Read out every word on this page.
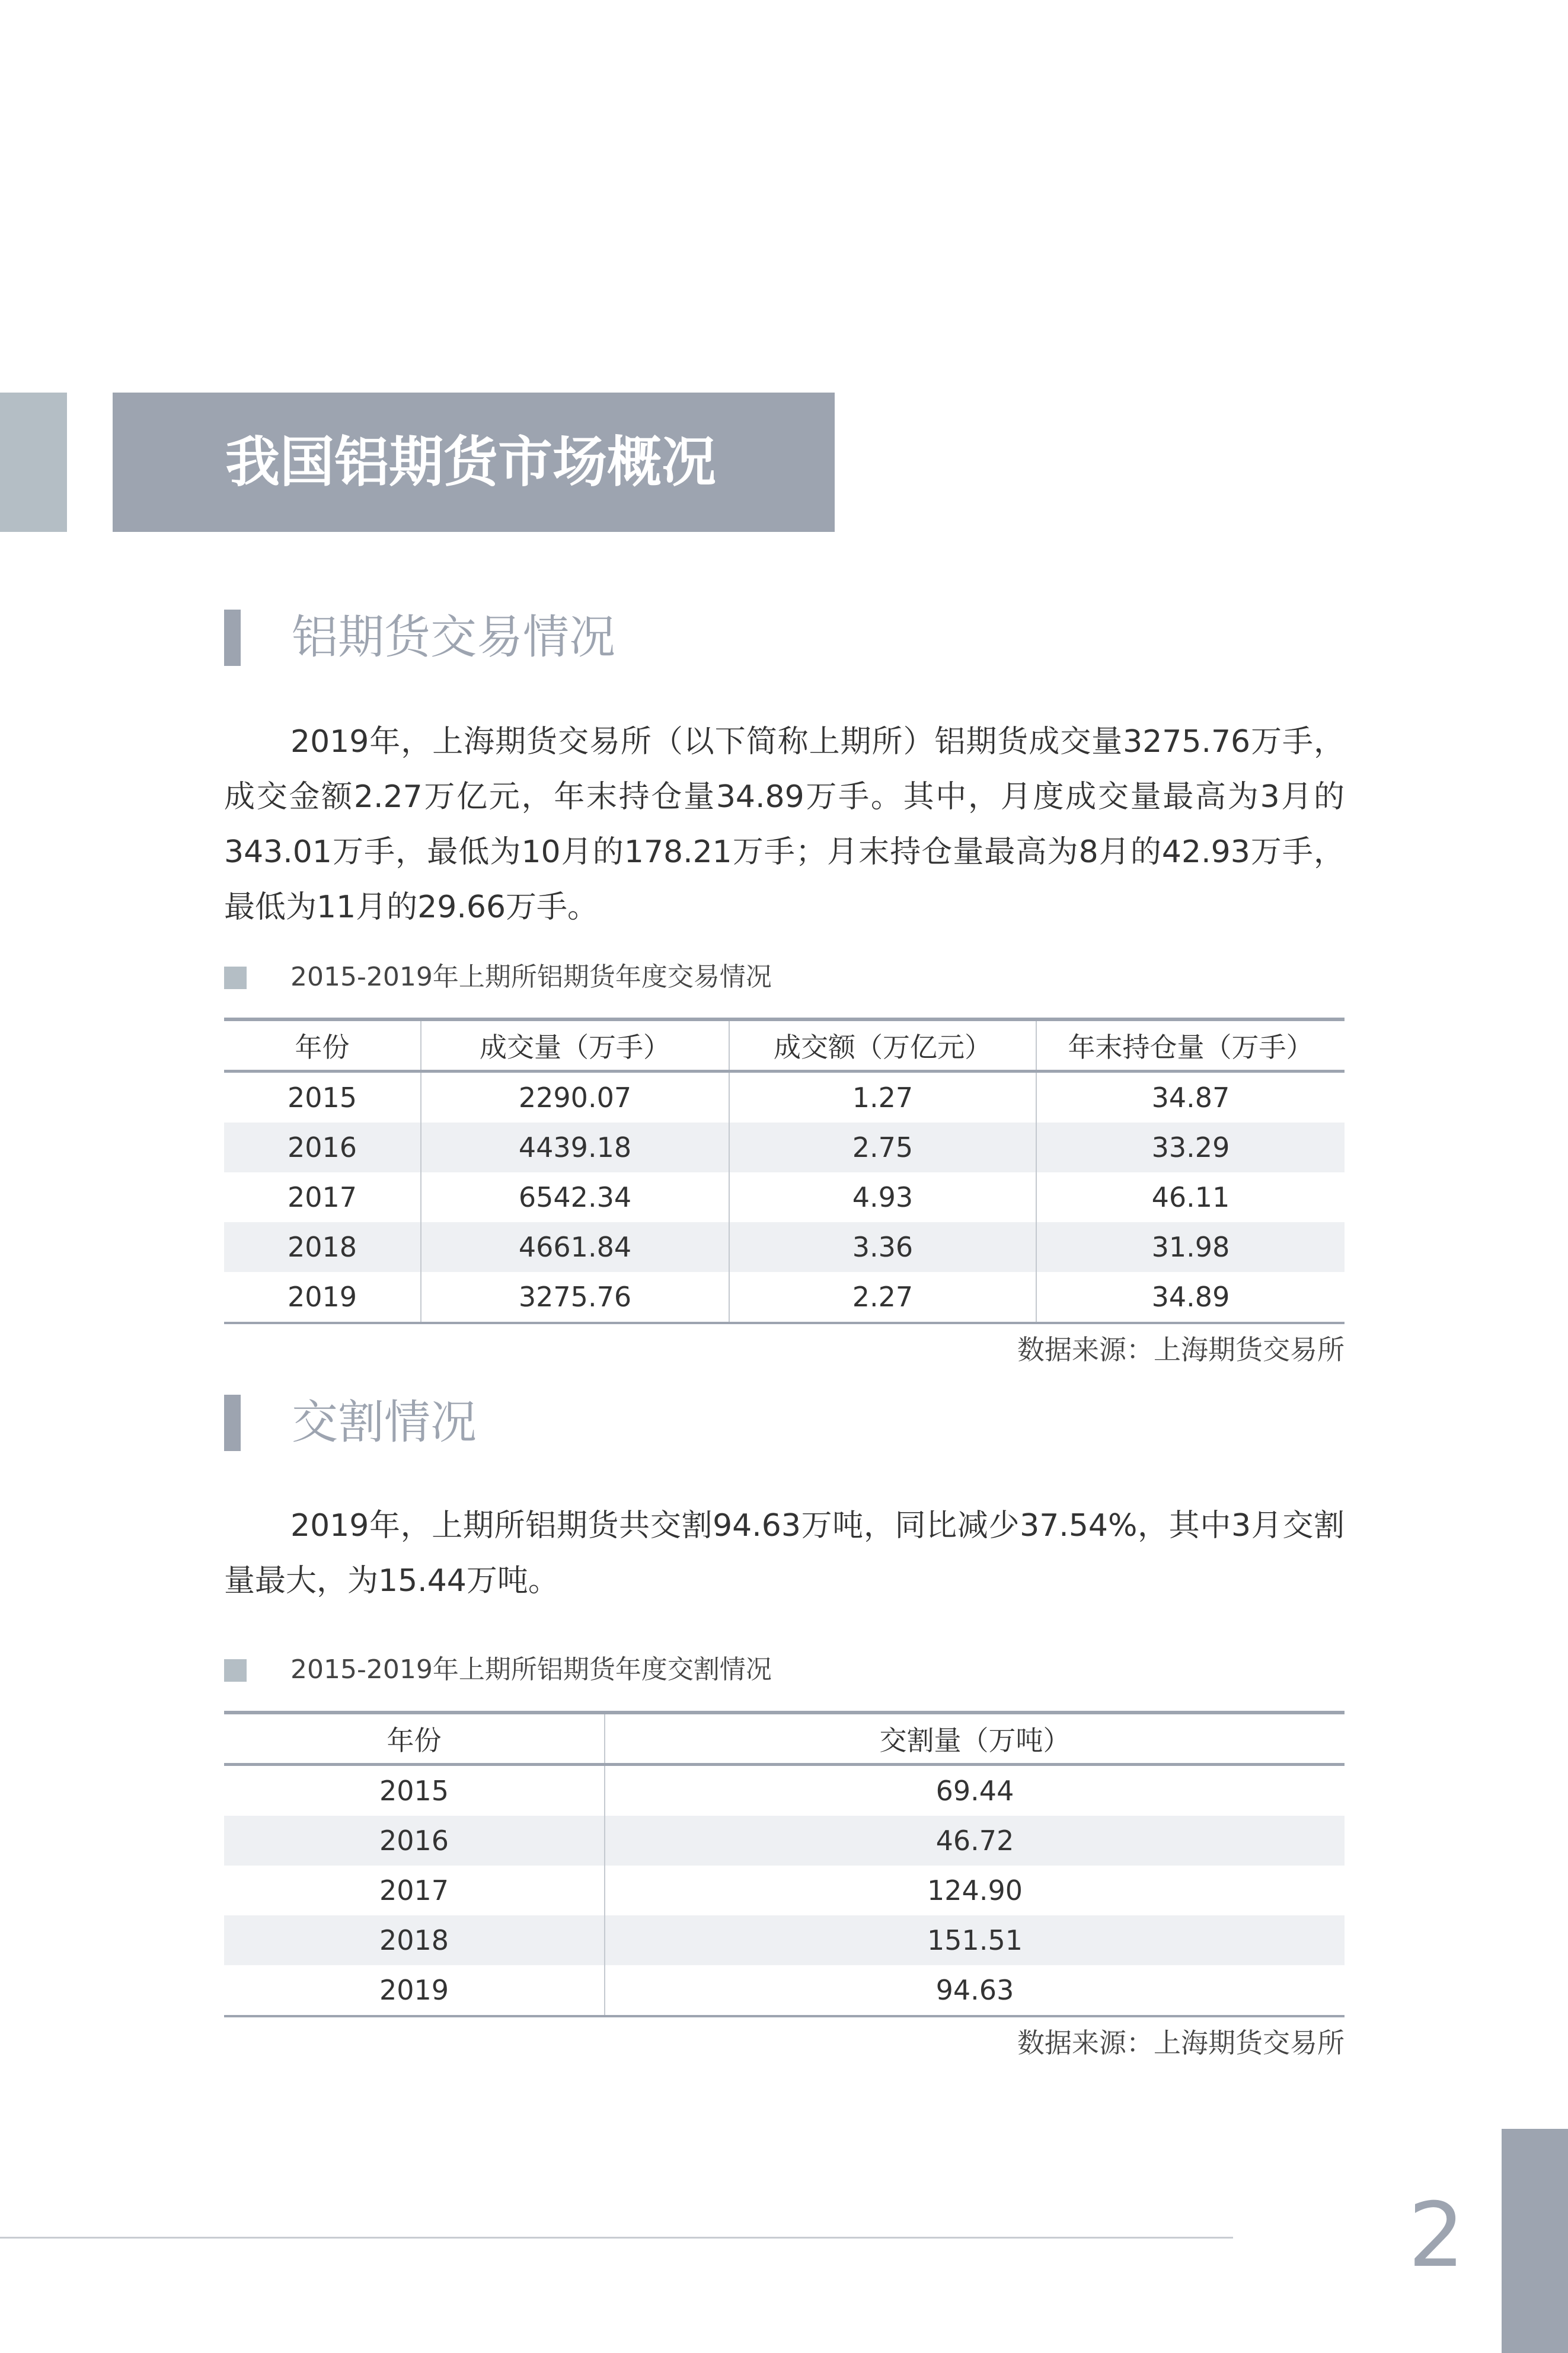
我国铝期货市场概况
铝期货交易情况
2019年，上海期货交易所（以下简称上期所）铝期货成交量3275.76万手，成交金额2.27万亿元，年末持仓量34.89万手。其中，月度成交量最高为3月的343.01万手，最低为10月的178.21万手；月末持仓量最高为8月的42.93万手，最低为11月的29.66万手。
2015-2019年上期所铝期货年度交易情况
年份	成交量（万手）	成交额（万亿元）	年末持仓量（万手）
2015	2290.07	1.27	34.87
2016	4439.18	2.75	33.29
2017	6542.34	4.93	46.11
2018	4661.84	3.36	31.98
2019	3275.76	2.27	34.89
数据来源：上海期货交易所
交割情况
2019年，上期所铝期货共交割94.63万吨，同比减少37.54%，其中3月交割量最大，为15.44万吨。
2015-2019年上期所铝期货年度交割情况
年份	交割量（万吨）
2015	69.44
2016	46.72
2017	124.90
2018	151.51
2019	94.63
数据来源：上海期货交易所
2
